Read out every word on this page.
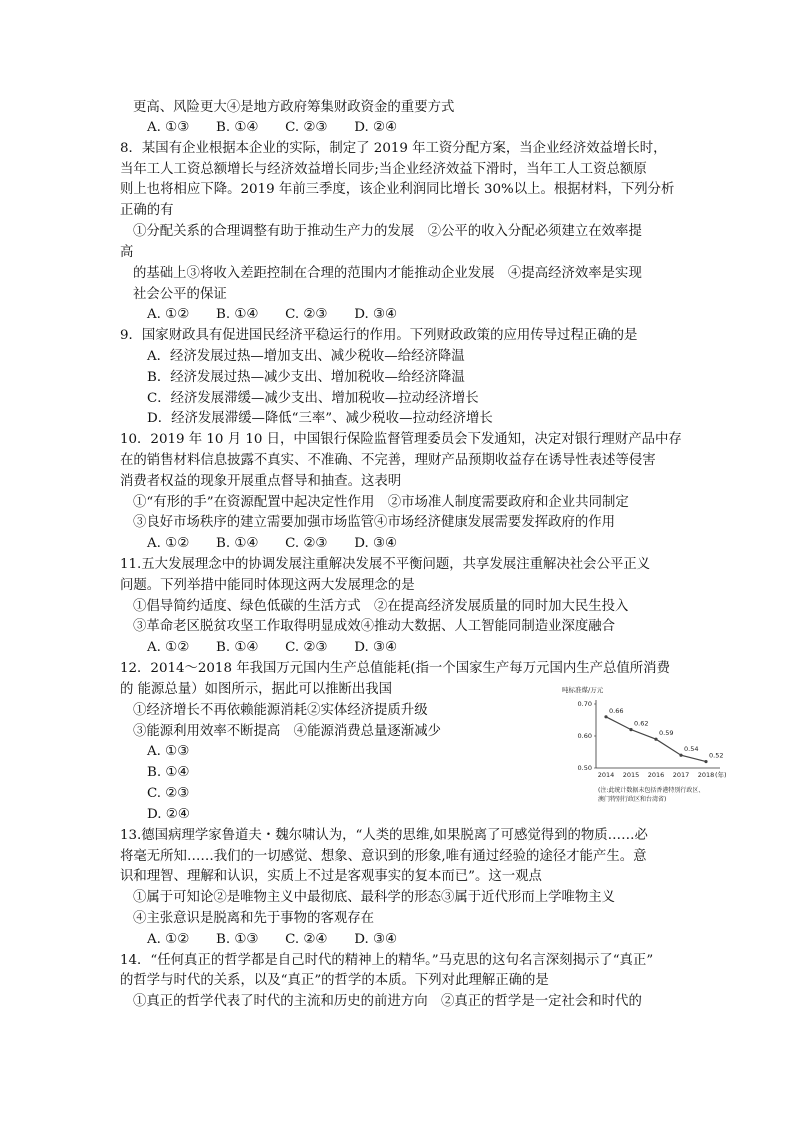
更高、风险更大④是地方政府筹集财政资金的重要方式
A. ①③　　B. ①④　　C. ②③　　D. ②④
8．某国有企业根据本企业的实际，制定了 2019 年工资分配方案，当企业经济效益增长时，
当年工人工资总额增长与经济效益增长同步;当企业经济效益下滑时，当年工人工资总额原
则上也将相应下降。2019 年前三季度，该企业利润同比增长 30%以上。根据材料，下列分析
正确的有
①分配关系的合理调整有助于推动生产力的发展　②公平的收入分配必须建立在效率提
高
的基础上③将收入差距控制在合理的范围内才能推动企业发展　④提高经济效率是实现
社会公平的保证
A. ①②　　B. ①④　　C. ②③　　D. ③④
9．国家财政具有促进国民经济平稳运行的作用。下列财政政策的应用传导过程正确的是
A．经济发展过热—增加支出、减少税收—给经济降温
B．经济发展过热—减少支出、增加税收—给经济降温
C．经济发展滞缓—减少支出、增加税收—拉动经济增长
D．经济发展滞缓—降低“三率”、减少税收—拉动经济增长
10．2019 年 10 月 10 日，中国银行保险监督管理委员会下发通知，决定对银行理财产品中存
在的销售材料信息披露不真实、不准确、不完善，理财产品预期收益存在诱导性表述等侵害
消费者权益的现象开展重点督导和抽查。这表明
①“有形的手”在资源配置中起决定性作用　②市场准人制度需要政府和企业共同制定
③良好市场秩序的建立需要加强市场监管④市场经济健康发展需要发挥政府的作用
A. ①②　　B. ①④　　C. ②③　　D. ③④
11.五大发展理念中的协调发展注重解决发展不平衡问题，共享发展注重解决社会公平正义
问题。下列举措中能同时体现这两大发展理念的是
①倡导简约适度、绿色低碳的生活方式　②在提高经济发展质量的同时加大民生投入
③革命老区脱贫攻坚工作取得明显成效④推动大数据、人工智能同制造业深度融合
A. ①②　　B. ①④　　C. ②③　　D. ③④
12．2014～2018 年我国万元国内生产总值能耗(指一个国家生产每万元国内生产总值所消费
的 能源总量）如图所示，据此可以推断出我国
①经济增长不再依赖能源消耗②实体经济提质升级
③能源利用效率不断提高　④能源消费总量逐渐减少
A. ①③
B. ①④
C. ②③
D. ②④
13.德国病理学家鲁道夫・魏尔啸认为，“人类的思维,如果脱离了可感觉得到的物质……必
将毫无所知……我们的一切感觉、想象、意识到的形象,唯有通过经验的途径才能产生。意
识和理智、理解和认识，实质上不过是客观事实的复本而已”。这一观点
①属于可知论②是唯物主义中最彻底、最科学的形态③属于近代形而上学唯物主义
④主张意识是脱离和先于事物的客观存在
A. ①②　　B. ①③　　C. ②④　　D. ③④
14．“任何真正的哲学都是自己时代的精神上的精华。”马克思的这句名言深刻揭示了“真正”
的哲学与时代的关系，以及“真正”的哲学的本质。下列对此理解正确的是
①真正的哲学代表了时代的主流和历史的前进方向　②真正的哲学是一定社会和时代的
吨标准煤/万元
0.70
0.60
0.50
2014 2015 2016 2017 2018 (年)
0.66
0.62
0.59
0.54
0.52
(注:此统计数据未包括香港特别行政区、
澳门特别行政区和台湾省)
